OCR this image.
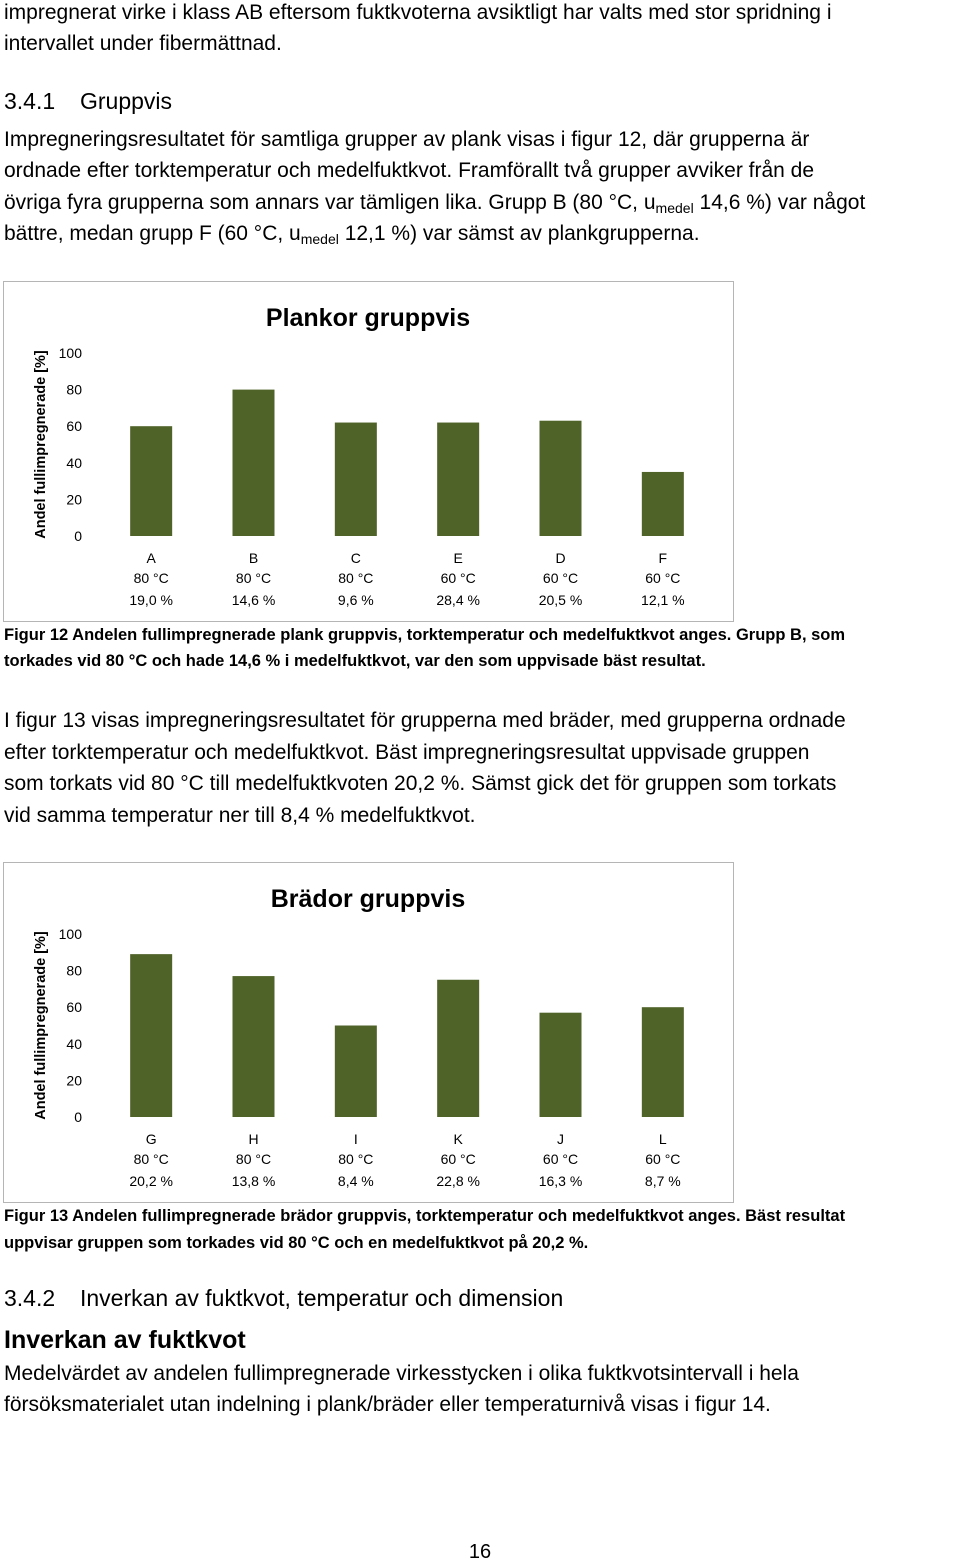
impregnerat virke i klass AB eftersom fuktkvoterna avsiktligt har valts med stor spridning i

intervallet under fibermättnad.

3.4.1 Gruppvis

Impregneringsresultatet för samtliga grupper av plank visas i figur 12, där grupperna är

ordnade efter torktemperatur och medelfuktkvot. Framförallt två grupper avviker från de

övriga fyra grupperna som annars var tämligen lika. Grupp B (80 °C, $u_{medel}$ 14,6 %) var något

bättre, medan grupp F (60 °C, $u_{medel}$ 12,1 %) var sämst av plankgrupperna.

Plankor gruppvis
Andel fullimpregnerade [%] 100
80
60
40
20
0
A
80 °C
19,0 %
B
80 °C
14,6 %
C
80 °C
9,6 %
E
60 °C
28,4 %
D
60 °C
20,5 %
F
60 °C
12,1 %

Figur 12 Andelen fullimpregnerade plank gruppvis, torktemperatur och medelfuktkvot anges. Grupp B, som

torkades vid 80 °C och hade 14,6 % i medelfuktkvot, var den som uppvisade bäst resultat.

I figur 13 visas impregneringsresultatet för grupperna med bräder, med grupperna ordnade

efter torktemperatur och medelfuktkvot. Bäst impregneringsresultat uppvisade gruppen

som torkats vid 80 °C till medelfuktkvoten 20,2 %. Sämst gick det för gruppen som torkats

vid samma temperatur ner till 8,4 % medelfuktkvot.

Brädor gruppvis
Andel fullimpregnerade [%] 100
80
60
40
20
0
G
80 °C
20,2 %
H
80 °C
13,8 %
I
80 °C
8,4 %
K
60 °C
22,8 %
J
60 °C
16,3 %
L
60 °C
8,7 %

Figur 13 Andelen fullimpregnerade brädor gruppvis, torktemperatur och medelfuktkvot anges. Bäst resultat

uppvisar gruppen som torkades vid 80 °C och en medelfuktkvot på 20,2 %.

3.4.2 Inverkan av fuktkvot, temperatur och dimension
Inverkan av fuktkvot

Medelvärdet av andelen fullimpregnerade virkesstycken i olika fuktkvotsintervall i hela

försöksmaterialet utan indelning i plank/bräder eller temperaturnivå visas i figur 14.

16
